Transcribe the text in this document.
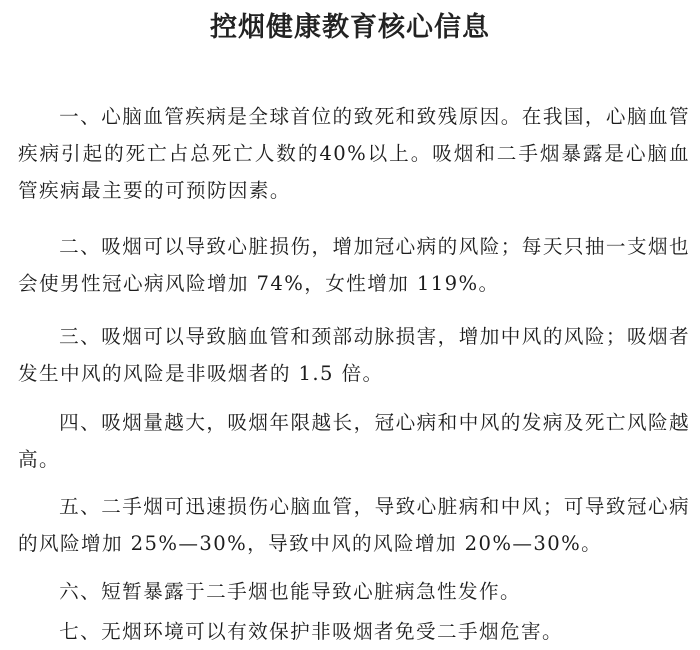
控烟健康教育核心信息

一、心脑血管疾病是全球首位的致死和致残原因。在我国，心脑血管疾病引起的死亡占总死亡人数的40%以上。吸烟和二手烟暴露是心脑血管疾病最主要的可预防因素。

二、吸烟可以导致心脏损伤，增加冠心病的风险；每天只抽一支烟也会使男性冠心病风险增加 74%，女性增加 119%。

三、吸烟可以导致脑血管和颈部动脉损害，增加中风的风险；吸烟者发生中风的风险是非吸烟者的 1.5 倍。

四、吸烟量越大，吸烟年限越长，冠心病和中风的发病及死亡风险越高。

五、二手烟可迅速损伤心脑血管，导致心脏病和中风；可导致冠心病的风险增加 25%—30%，导致中风的风险增加 20%—30%。

六、短暂暴露于二手烟也能导致心脏病急性发作。

七、无烟环境可以有效保护非吸烟者免受二手烟危害。
